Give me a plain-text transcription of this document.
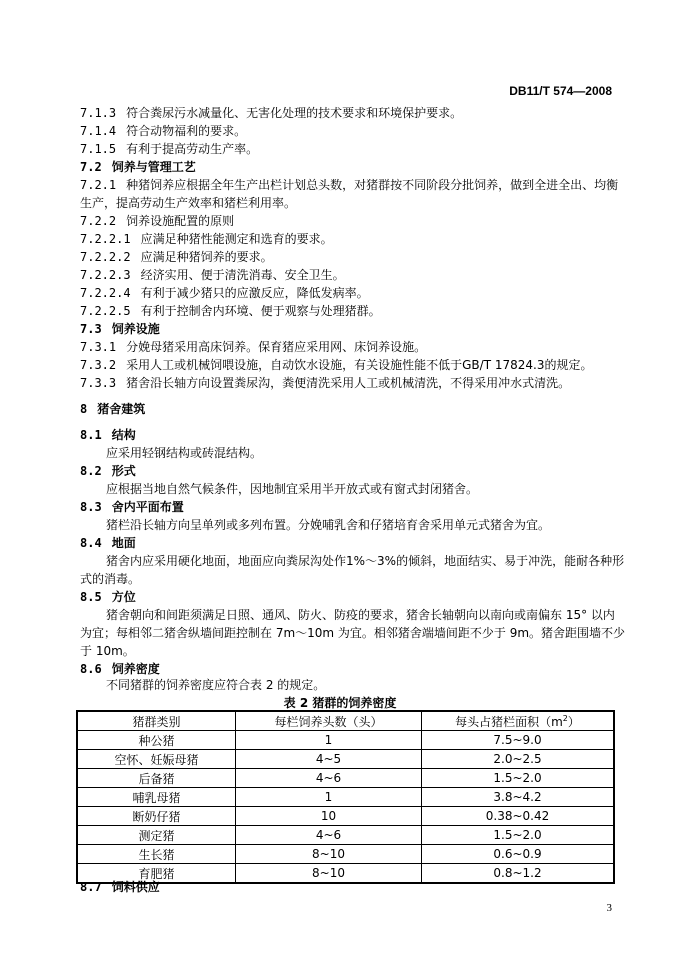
DB11/T 574—2008
7.1.3 符合粪尿污水减量化、无害化处理的技术要求和环境保护要求。
7.1.4 符合动物福利的要求。
7.1.5 有利于提高劳动生产率。
7.2 饲养与管理工艺
7.2.1 种猪饲养应根据全年生产出栏计划总头数，对猪群按不同阶段分批饲养，做到全进全出、均衡
生产，提高劳动生产效率和猪栏利用率。
7.2.2 饲养设施配置的原则
7.2.2.1 应满足种猪性能测定和选育的要求。
7.2.2.2 应满足种猪饲养的要求。
7.2.2.3 经济实用、便于清洗消毒、安全卫生。
7.2.2.4 有利于减少猪只的应激反应，降低发病率。
7.2.2.5 有利于控制舍内环境、便于观察与处理猪群。
7.3 饲养设施
7.3.1 分娩母猪采用高床饲养。保育猪应采用网、床饲养设施。
7.3.2 采用人工或机械饲喂设施，自动饮水设施，有关设施性能不低于GB/T 17824.3的规定。
7.3.3 猪舍沿长轴方向设置粪尿沟，粪便清洗采用人工或机械清洗，不得采用冲水式清洗。
8 猪舍建筑
8.1 结构
应采用轻钢结构或砖混结构。
8.2 形式
应根据当地自然气候条件，因地制宜采用半开放式或有窗式封闭猪舍。
8.3 舍内平面布置
猪栏沿长轴方向呈单列或多列布置。分娩哺乳舍和仔猪培育舍采用单元式猪舍为宜。
8.4 地面
猪舍内应采用硬化地面，地面应向粪尿沟处作1%～3%的倾斜，地面结实、易于冲洗，能耐各种形
式的消毒。
8.5 方位
猪舍朝向和间距须满足日照、通风、防火、防疫的要求，猪舍长轴朝向以南向或南偏东 15° 以内
为宜；每相邻二猪舍纵墙间距控制在 7m～10m 为宜。相邻猪舍端墙间距不少于 9m。猪舍距围墙不少
于 10m。
8.6 饲养密度
不同猪群的饲养密度应符合表 2 的规定。
表 2 猪群的饲养密度
猪群类别	每栏饲养头数（头）	每头占猪栏面积$(m^2)$
种公猪	1	7.5~9.0
空怀、妊娠母猪	4~5	2.0~2.5
后备猪	4~6	1.5~2.0
哺乳母猪	1	3.8~4.2
断奶仔猪	10	0.38~0.42
测定猪	4~6	1.5~2.0
生长猪	8~10	0.6~0.9
育肥猪	8~10	0.8~1.2
8.7 饲料供应
3
